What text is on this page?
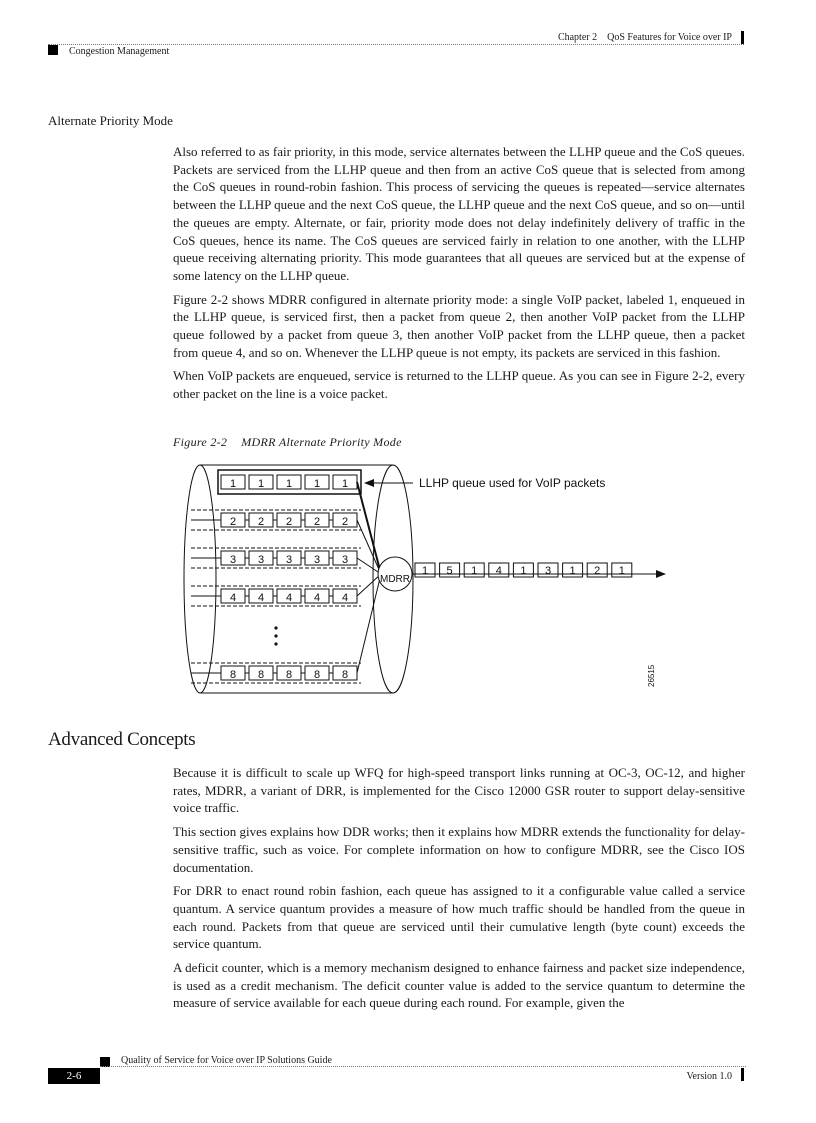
Chapter 2 QoS Features for Voice over IP
Congestion Management
Alternate Priority Mode

Also referred to as fair priority, in this mode, service alternates between the LLHP queue and the CoS queues. Packets are serviced from the LLHP queue and then from an active CoS queue that is selected from among the CoS queues in round-robin fashion. This process of servicing the queues is repeated—service alternates between the LLHP queue and the next CoS queue, the LLHP queue and the next CoS queue, and so on—until the queues are empty. Alternate, or fair, priority mode does not delay indefinitely delivery of traffic in the CoS queues, hence its name. The CoS queues are serviced fairly in relation to one another, with the LLHP queue receiving alternating priority. This mode guarantees that all queues are serviced but at the expense of some latency on the LLHP queue.

Figure 2-2 shows MDRR configured in alternate priority mode: a single VoIP packet, labeled 1, enqueued in the LLHP queue, is serviced first, then a packet from queue 2, then another VoIP packet from the LLHP queue followed by a packet from queue 3, then another VoIP packet from the LLHP queue, then a packet from queue 4, and so on. Whenever the LLHP queue is not empty, its packets are serviced in this fashion.

When VoIP packets are enqueued, service is returned to the LLHP queue. As you can see in Figure 2-2, every other packet on the line is a voice packet.

Figure 2-2 MDRR Alternate Priority Mode
1 1 1 1 1
2 2 2 2 2
3 3 3 3 3
4 4 4 4 4
8 8 8 8 8
MDRR
1 5 1 4 1 3 1 2 1
LLHP queue used for VoIP packets
26515
Advanced Concepts

Because it is difficult to scale up WFQ for high-speed transport links running at OC-3, OC-12, and higher rates, MDRR, a variant of DRR, is implemented for the Cisco 12000 GSR router to support delay-sensitive voice traffic.

This section gives explains how DDR works; then it explains how MDRR extends the functionality for delay-sensitive traffic, such as voice. For complete information on how to configure MDRR, see the Cisco IOS documentation.

For DRR to enact round robin fashion, each queue has assigned to it a configurable value called a service quantum. A service quantum provides a measure of how much traffic should be handled from the queue in each round. Packets from that queue are serviced until their cumulative length (byte count) exceeds the service quantum.

A deficit counter, which is a memory mechanism designed to enhance fairness and packet size independence, is used as a credit mechanism. The deficit counter value is added to the service quantum to determine the measure of service available for each queue during each round. For example, given the

Quality of Service for Voice over IP Solutions Guide
2-6	Version 1.0
